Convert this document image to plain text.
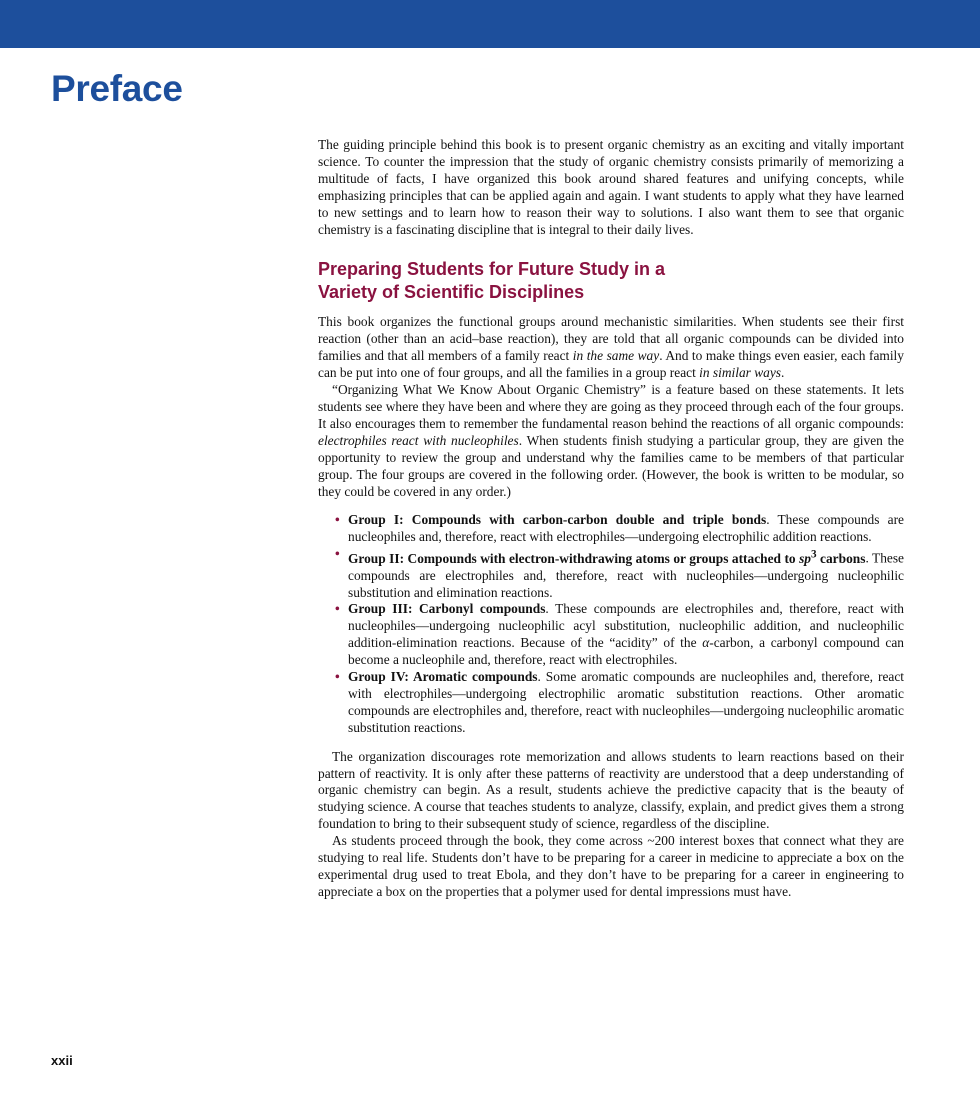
Preface

The guiding principle behind this book is to present organic chemistry as an exciting and vitally important science. To counter the impression that the study of organic chemistry consists primarily of memorizing a multitude of facts, I have organized this book around shared features and unifying concepts, while emphasizing principles that can be applied again and again. I want students to apply what they have learned to new settings and to learn how to reason their way to solutions. I also want them to see that organic chemistry is a fascinating discipline that is integral to their daily lives.

Preparing Students for Future Study in a
Variety of Scientific Disciplines

This book organizes the functional groups around mechanistic similarities. When students see their first reaction (other than an acid–base reaction), they are told that all organic compounds can be divided into families and that all members of a family react in the same way. And to make things even easier, each family can be put into one of four groups, and all the families in a group react in similar ways.

“Organizing What We Know About Organic Chemistry” is a feature based on these statements. It lets students see where they have been and where they are going as they proceed through each of the four groups. It also encourages them to remember the fundamental reason behind the reactions of all organic compounds: electrophiles react with nucleophiles. When students finish studying a particular group, they are given the opportunity to review the group and understand why the families came to be members of that particular group. The four groups are covered in the following order. (However, the book is written to be modular, so they could be covered in any order.)

• Group I: Compounds with carbon-carbon double and triple bonds. These compounds are nucleophiles and, therefore, react with electrophiles—undergoing electrophilic addition reactions.
• Group II: Compounds with electron-withdrawing atoms or groups attached to $sp^3$ carbons. These compounds are electrophiles and, therefore, react with nucleophiles—undergoing nucleophilic substitution and elimination reactions.
• Group III: Carbonyl compounds. These compounds are electrophiles and, therefore, react with nucleophiles—undergoing nucleophilic acyl substitution, nucleophilic addition, and nucleophilic addition-elimination reactions. Because of the “acidity” of the α-carbon, a carbonyl compound can become a nucleophile and, therefore, react with electrophiles.
• Group IV: Aromatic compounds. Some aromatic compounds are nucleophiles and, therefore, react with electrophiles—undergoing electrophilic aromatic substitution reactions. Other aromatic compounds are electrophiles and, therefore, react with nucleophiles—undergoing nucleophilic aromatic substitution reactions.

The organization discourages rote memorization and allows students to learn reactions based on their pattern of reactivity. It is only after these patterns of reactivity are understood that a deep understanding of organic chemistry can begin. As a result, students achieve the predictive capacity that is the beauty of studying science. A course that teaches students to analyze, classify, explain, and predict gives them a strong foundation to bring to their subsequent study of science, regardless of the discipline.

As students proceed through the book, they come across ~200 interest boxes that connect what they are studying to real life. Students don’t have to be preparing for a career in medicine to appreciate a box on the experimental drug used to treat Ebola, and they don’t have to be preparing for a career in engineering to appreciate a box on the properties that a polymer used for dental impressions must have.

xxii
